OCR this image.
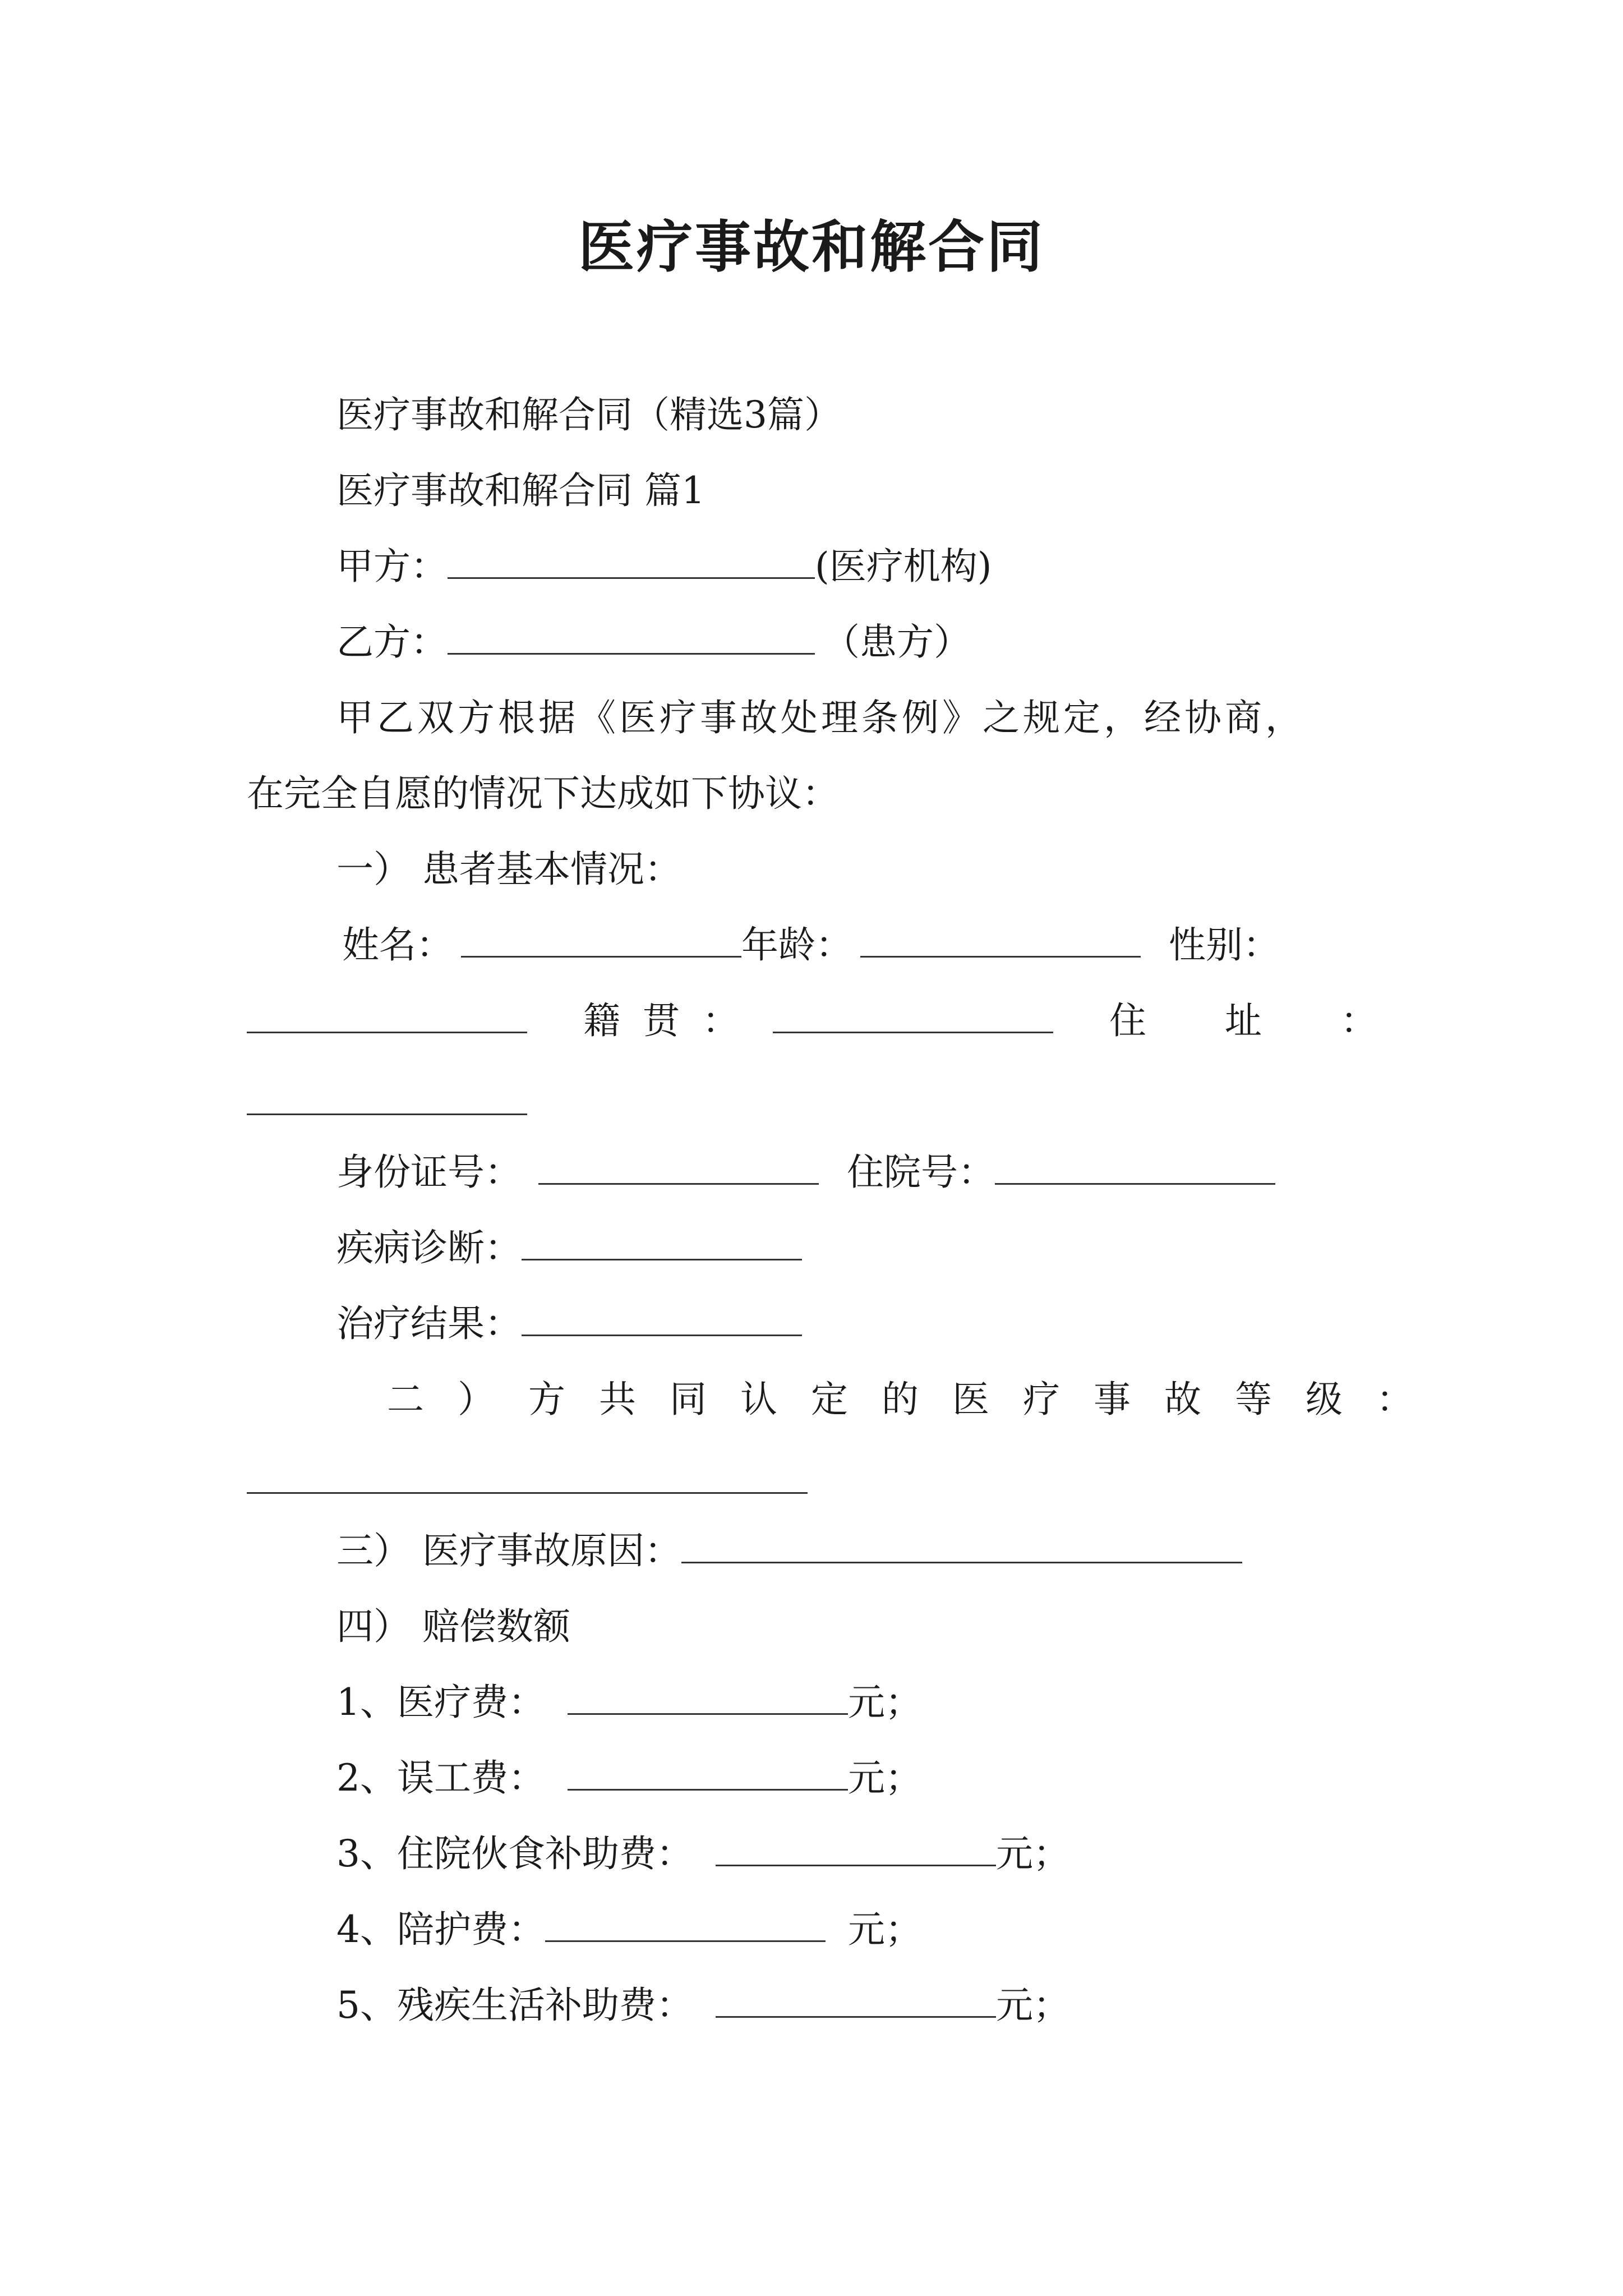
医疗事故和解合同
医疗事故和解合同（精选3篇）
医疗事故和解合同 篇1
甲方：	(医疗机构)
乙方：	（患方）
甲乙双方根据《医疗事故处理条例》之规定，经协商，
在完全自愿的情况下达成如下协议：
一） 患者基本情况：
姓名：	年龄：	性别：
籍贯：	住址：
身份证号：	住院号：
疾病诊断：
治疗结果：
二）方共同认定的医疗事故等级：
三） 医疗事故原因：
四） 赔偿数额
1、医疗费：	元；
2、误工费：	元；
3、住院伙食补助费：	元；
4、陪护费：	元；
5、残疾生活补助费：	元；
